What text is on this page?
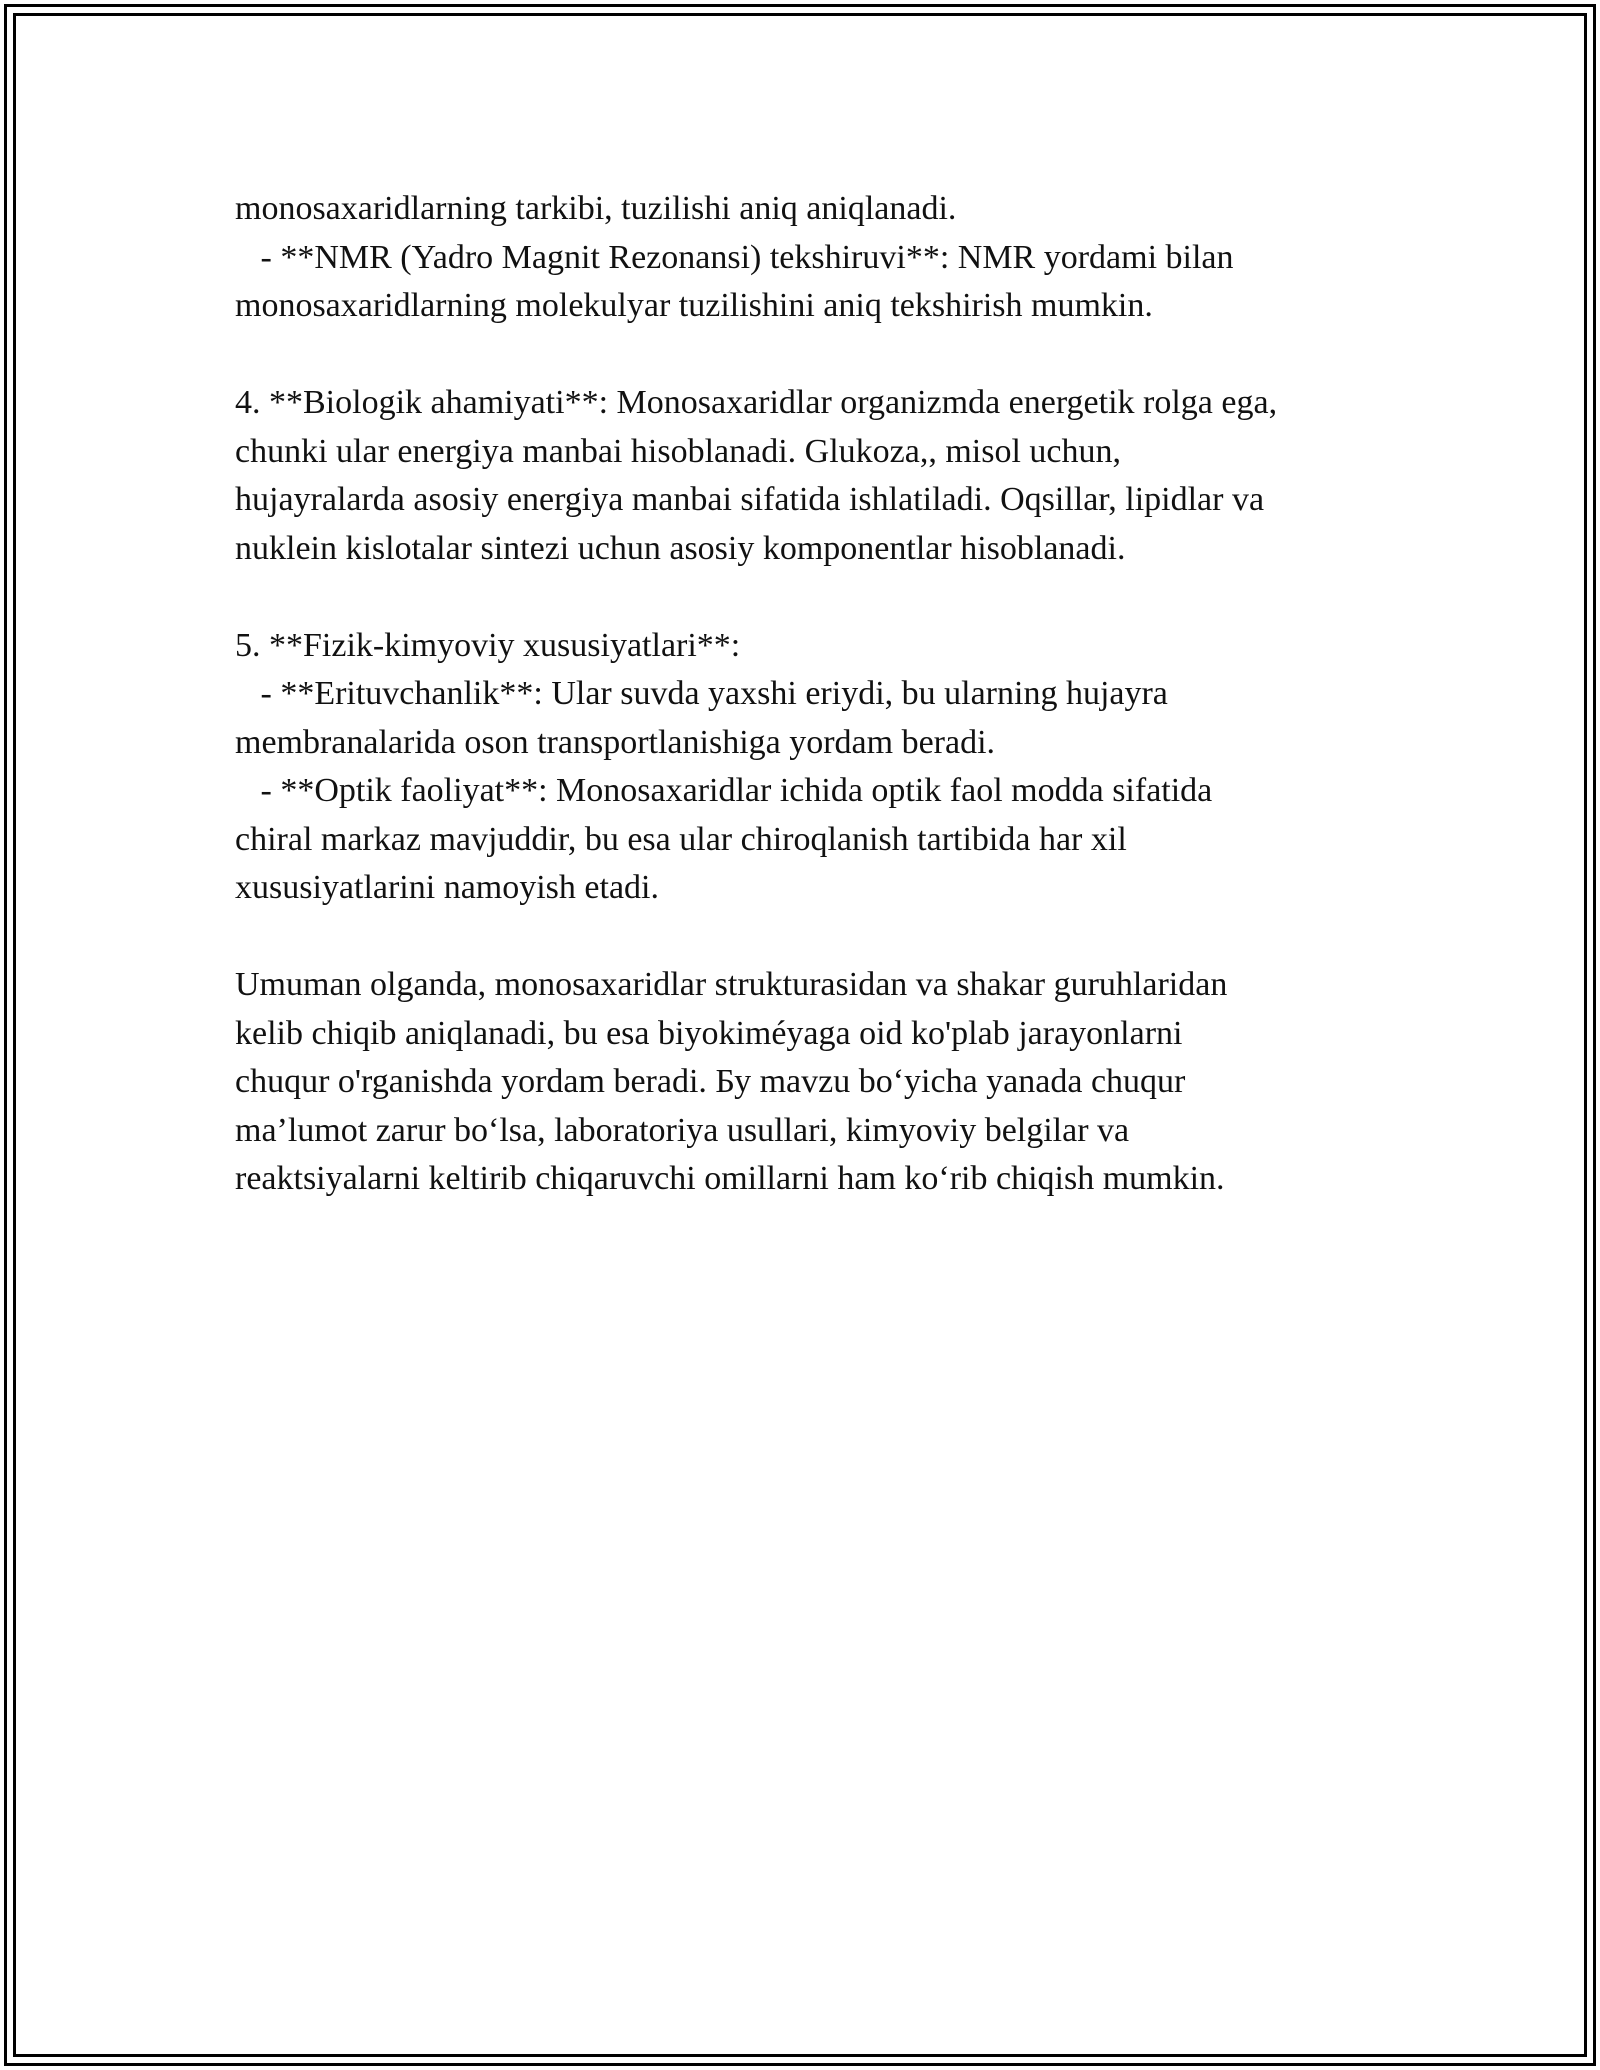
monosaxaridlarning tarkibi, tuzilishi aniq aniqlanadi.
- **NMR (Yadro Magnit Rezonansi) tekshiruvi**: NMR yordami bilan
monosaxaridlarning molekulyar tuzilishini aniq tekshirish mumkin.
4. **Biologik ahamiyati**: Monosaxaridlar organizmda energetik rolga ega,
chunki ular energiya manbai hisoblanadi. Glukoza,, misol uchun,
hujayralarda asosiy energiya manbai sifatida ishlatiladi. Oqsillar, lipidlar va
nuklein kislotalar sintezi uchun asosiy komponentlar hisoblanadi.
5. **Fizik-kimyoviy xususiyatlari**:
- **Erituvchanlik**: Ular suvda yaxshi eriydi, bu ularning hujayra
membranalarida oson transportlanishiga yordam beradi.
- **Optik faoliyat**: Monosaxaridlar ichida optik faol modda sifatida
chiral markaz mavjuddir, bu esa ular chiroqlanish tartibida har xil
xususiyatlarini namoyish etadi.
Umuman olganda, monosaxaridlar strukturasidan va shakar guruhlaridan
kelib chiqib aniqlanadi, bu esa biyokiméyaga oid ko'plab jarayonlarni
chuqur o'rganishda yordam beradi. Бу mavzu bo‘yicha yanada chuqur
ma’lumot zarur bo‘lsa, laboratoriya usullari, kimyoviy belgilar va
reaktsiyalarni keltirib chiqaruvchi omillarni ham ko‘rib chiqish mumkin.
